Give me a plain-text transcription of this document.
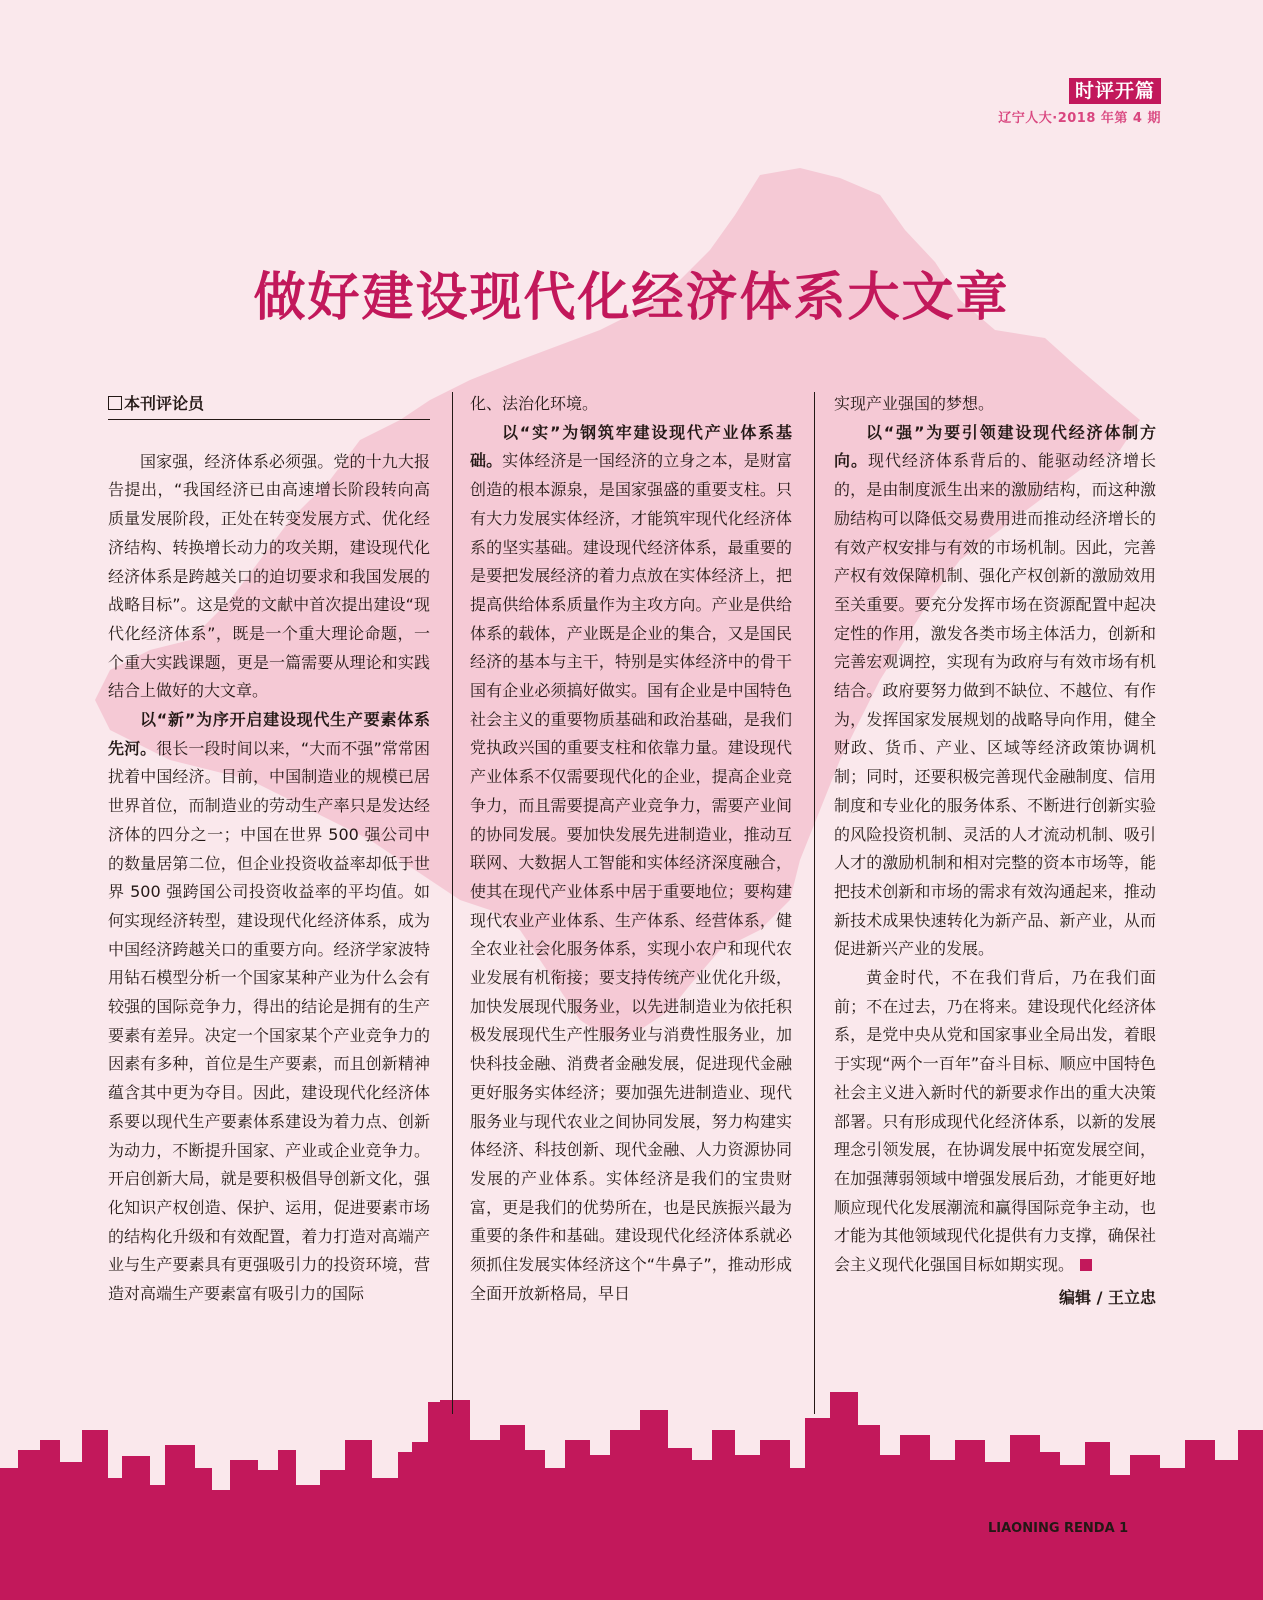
时评开篇
辽宁人大·2018 年第 4 期
做好建设现代化经济体系大文章
本刊评论员

国家强，经济体系必须强。党的十九大报告提出，“我国经济已由高速增长阶段转向高质量发展阶段，正处在转变发展方式、优化经济结构、转换增长动力的攻关期，建设现代化经济体系是跨越关口的迫切要求和我国发展的战略目标”。这是党的文献中首次提出建设“现代化经济体系”，既是一个重大理论命题，一个重大实践课题，更是一篇需要从理论和实践结合上做好的大文章。

以“新”为序开启建设现代生产要素体系先河。很长一段时间以来，“大而不强”常常困扰着中国经济。目前，中国制造业的规模已居世界首位，而制造业的劳动生产率只是发达经济体的四分之一；中国在世界 500 强公司中的数量居第二位，但企业投资收益率却低于世界 500 强跨国公司投资收益率的平均值。如何实现经济转型，建设现代化经济体系，成为中国经济跨越关口的重要方向。经济学家波特用钻石模型分析一个国家某种产业为什么会有较强的国际竞争力，得出的结论是拥有的生产要素有差异。决定一个国家某个产业竞争力的因素有多种，首位是生产要素，而且创新精神蕴含其中更为夺目。因此，建设现代化经济体系要以现代生产要素体系建设为着力点、创新为动力，不断提升国家、产业或企业竞争力。开启创新大局，就是要积极倡导创新文化，强化知识产权创造、保护、运用，促进要素市场的结构化升级和有效配置，着力打造对高端产业与生产要素具有更强吸引力的投资环境，营造对高端生产要素富有吸引力的国际

化、法治化环境。

以“实”为钢筑牢建设现代产业体系基础。实体经济是一国经济的立身之本，是财富创造的根本源泉，是国家强盛的重要支柱。只有大力发展实体经济，才能筑牢现代化经济体系的坚实基础。建设现代经济体系，最重要的是要把发展经济的着力点放在实体经济上，把提高供给体系质量作为主攻方向。产业是供给体系的载体，产业既是企业的集合，又是国民经济的基本与主干，特别是实体经济中的骨干国有企业必须搞好做实。国有企业是中国特色社会主义的重要物质基础和政治基础，是我们党执政兴国的重要支柱和依靠力量。建设现代产业体系不仅需要现代化的企业，提高企业竞争力，而且需要提高产业竞争力，需要产业间的协同发展。要加快发展先进制造业，推动互联网、大数据人工智能和实体经济深度融合，使其在现代产业体系中居于重要地位；要构建现代农业产业体系、生产体系、经营体系，健全农业社会化服务体系，实现小农户和现代农业发展有机衔接；要支持传统产业优化升级，加快发展现代服务业，以先进制造业为依托积极发展现代生产性服务业与消费性服务业，加快科技金融、消费者金融发展，促进现代金融更好服务实体经济；要加强先进制造业、现代服务业与现代农业之间协同发展，努力构建实体经济、科技创新、现代金融、人力资源协同发展的产业体系。实体经济是我们的宝贵财富，更是我们的优势所在，也是民族振兴最为重要的条件和基础。建设现代化经济体系就必须抓住发展实体经济这个“牛鼻子”，推动形成全面开放新格局，早日

实现产业强国的梦想。

以“强”为要引领建设现代经济体制方向。现代经济体系背后的、能驱动经济增长的，是由制度派生出来的激励结构，而这种激励结构可以降低交易费用进而推动经济增长的有效产权安排与有效的市场机制。因此，完善产权有效保障机制、强化产权创新的激励效用至关重要。要充分发挥市场在资源配置中起决定性的作用，激发各类市场主体活力，创新和完善宏观调控，实现有为政府与有效市场有机结合。政府要努力做到不缺位、不越位、有作为，发挥国家发展规划的战略导向作用，健全财政、货币、产业、区域等经济政策协调机制；同时，还要积极完善现代金融制度、信用制度和专业化的服务体系、不断进行创新实验的风险投资机制、灵活的人才流动机制、吸引人才的激励机制和相对完整的资本市场等，能把技术创新和市场的需求有效沟通起来，推动新技术成果快速转化为新产品、新产业，从而促进新兴产业的发展。

黄金时代，不在我们背后，乃在我们面前；不在过去，乃在将来。建设现代化经济体系，是党中央从党和国家事业全局出发，着眼于实现“两个一百年”奋斗目标、顺应中国特色社会主义进入新时代的新要求作出的重大决策部署。只有形成现代化经济体系，以新的发展理念引领发展，在协调发展中拓宽发展空间，在加强薄弱领域中增强发展后劲，才能更好地顺应现代化发展潮流和赢得国际竞争主动，也才能为其他领域现代化提供有力支撑，确保社会主义现代化强国目标如期实现。

编辑 / 王立忠
LIAONING RENDA 1
